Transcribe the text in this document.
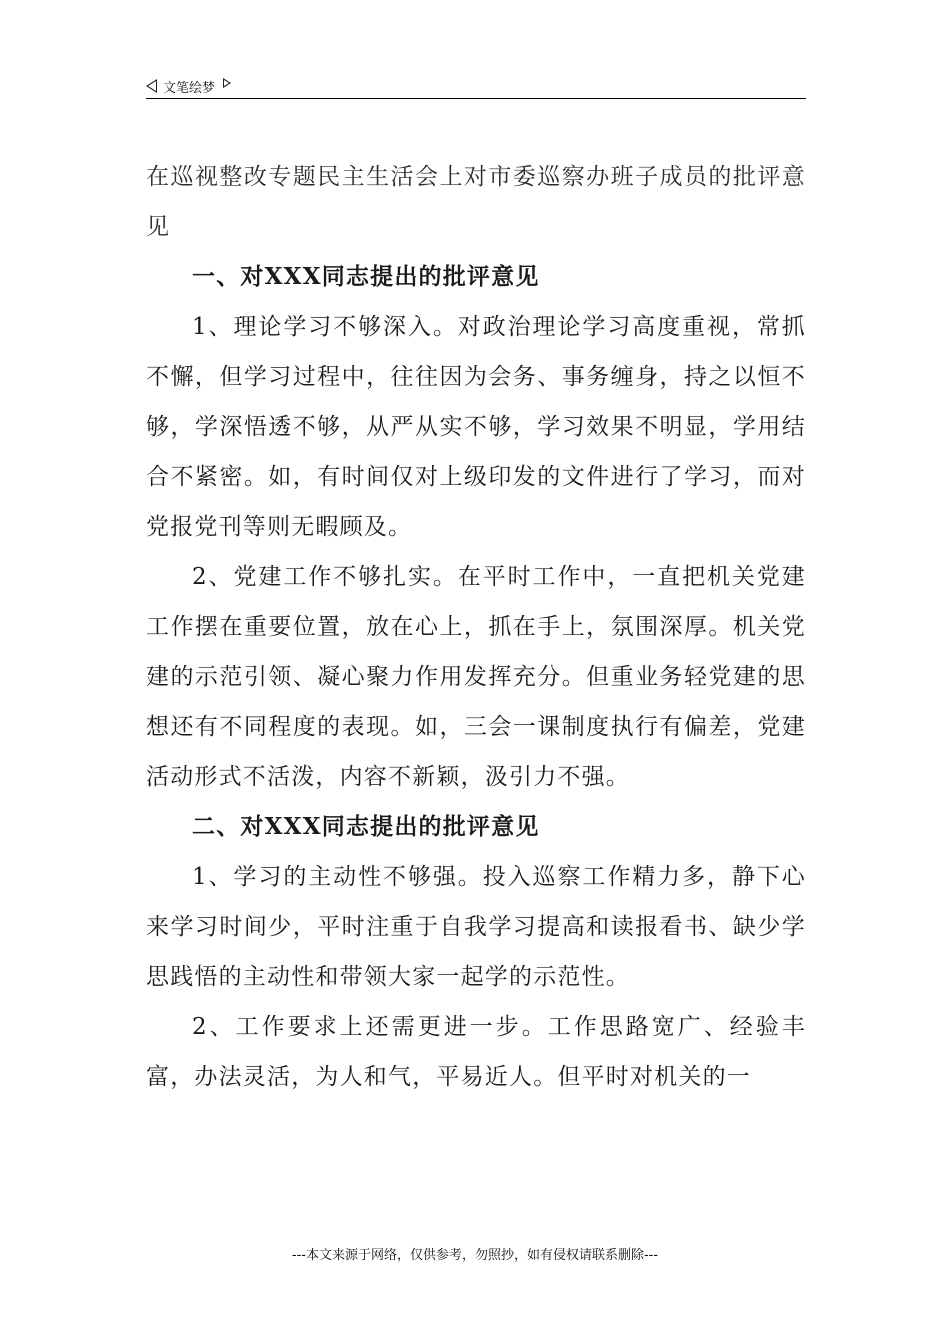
文笔绘梦

在巡视整改专题民主生活会上对市委巡察办班子成员的批评意见

一、对XXX同志提出的批评意见

1、理论学习不够深入。对政治理论学习高度重视，常抓不懈，但学习过程中，往往因为会务、事务缠身，持之以恒不够，学深悟透不够，从严从实不够，学习效果不明显，学用结合不紧密。如，有时间仅对上级印发的文件进行了学习，而对党报党刊等则无暇顾及。

2、党建工作不够扎实。在平时工作中，一直把机关党建工作摆在重要位置，放在心上，抓在手上，氛围深厚。机关党建的示范引领、凝心聚力作用发挥充分。但重业务轻党建的思想还有不同程度的表现。如，三会一课制度执行有偏差，党建活动形式不活泼，内容不新颖，汲引力不强。

二、对XXX同志提出的批评意见

1、学习的主动性不够强。投入巡察工作精力多，静下心来学习时间少，平时注重于自我学习提高和读报看书、缺少学思践悟的主动性和带领大家一起学的示范性。

2、工作要求上还需更进一步。工作思路宽广、经验丰富，办法灵活，为人和气，平易近人。但平时对机关的一

---本文来源于网络，仅供参考，勿照抄，如有侵权请联系删除---
